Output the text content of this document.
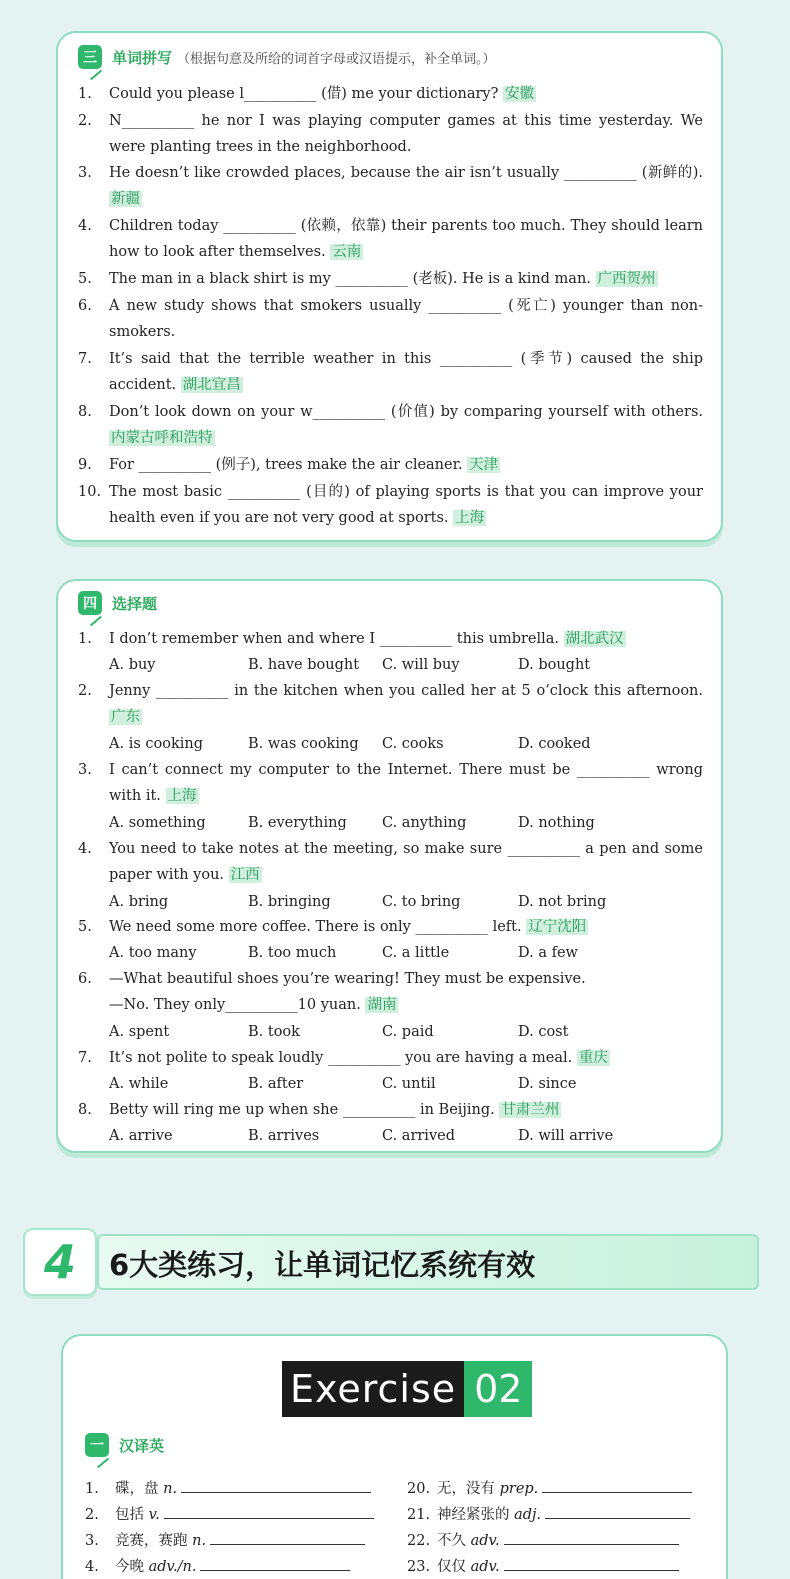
三	单词拼写 （根据句意及所给的词首字母或汉语提示，补全单词。）
1.	Could you please l__________ (借) me your dictionary? 安徽
2.	N__________ he nor I was playing computer games at this time yesterday. We were planting trees in the neighborhood.
3.	He doesn’t like crowded places, because the air isn’t usually __________ (新鲜的). 新疆
4.	Children today __________ (依赖，依靠) their parents too much. They should learn how to look after themselves. 云南
5.	The man in a black shirt is my __________ (老板). He is a kind man. 广西贺州
6.	A new study shows that smokers usually __________ (死亡) younger than non-smokers.
7.	It’s said that the terrible weather in this __________ (季节) caused the ship accident. 湖北宜昌
8.	Don’t look down on your w__________ (价值) by comparing yourself with others. 内蒙古呼和浩特
9.	For __________ (例子), trees make the air cleaner. 天津
10. The most basic __________ (目的) of playing sports is that you can improve your health even if you are not very good at sports. 上海
四	选择题
1.	I don’t remember when and where I __________ this umbrella. 湖北武汉
A. buy	B. have bought C. will buy	D. bought
2.	Jenny __________ in the kitchen when you called her at 5 o’clock this afternoon. 广东
A. is cooking	B. was cooking C. cooks	D. cooked
3.	I can’t connect my computer to the Internet. There must be __________ wrong with it. 上海
A. something	B. everything C. anything	D. nothing
4.	You need to take notes at the meeting, so make sure __________ a pen and some paper with you. 江西
A. bring	B. bringing	C. to bring	D. not bring
5.	We need some more coffee. There is only __________ left. 辽宁沈阳
A. too many	B. too much	C. a little	D. a few
6.	—What beautiful shoes you’re wearing! They must be expensive.
—No. They only__________10 yuan. 湖南
A. spent	B. took	C. paid	D. cost
7.	It’s not polite to speak loudly __________ you are having a meal. 重庆
A. while	B. after	C. until	D. since
8.	Betty will ring me up when she __________ in Beijing. 甘肃兰州
A. arrive	B. arrives	C. arrived	D. will arrive
6大类练习，让单词记忆系统有效
4
Exercise 02
一	汉译英
1. 碟，盘 n.
2. 包括 v.
3. 竞赛，赛跑 n.
4. 今晚 adv./n.
20. 无，没有 prep.
21. 神经紧张的 adj.
22. 不久 adv.
23. 仅仅 adv.
